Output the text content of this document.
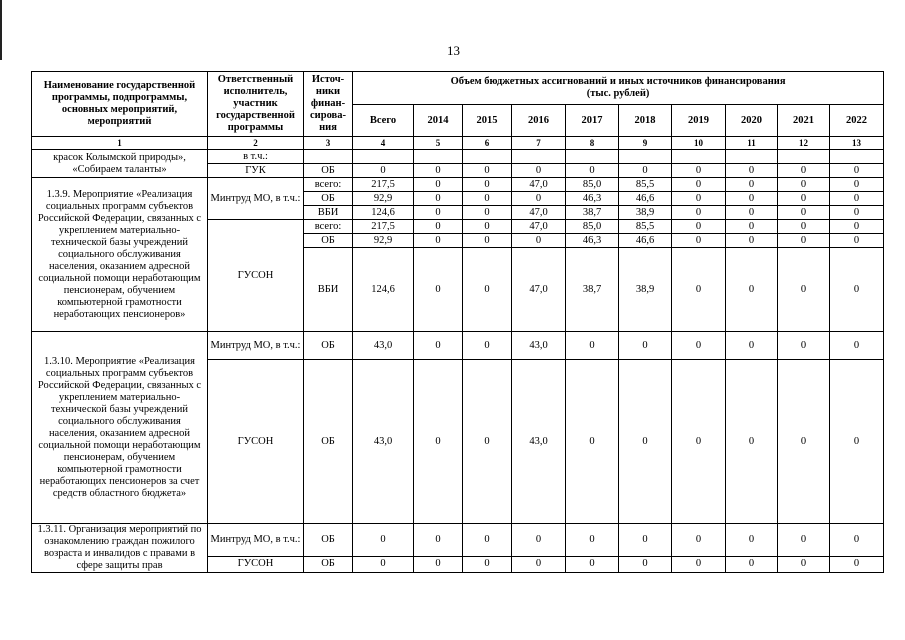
13
Наименование государственной программы, подпрограммы, основных мероприятий, мероприятий	Ответственный исполнитель, участник государственной программы	Источ- ники финан- сирова- ния	Объем бюджетных ассигнований и иных источников финансирования
(тыс. рублей)									

			Всего	2014	2015	2016	2017	2018	2019	2020	2021	2022
1	2	3	4	5	6	7	8	9	10	11	12	13
красок Колымской природы», «Собираем таланты»	в т.ч.:											
	ГУК	ОБ	0	0	0	0	0	0	0	0	0	0
1.3.9. Мероприятие «Реализация социальных программ субъектов Российской Федерации, связанных с укреплением материально-технической базы учреждений социального обслуживания населения, оказанием адресной социальной помощи неработающим пенсионерам, обучением компьютерной грамотности неработающих пенсионеров»	Минтруд МО, в т.ч.:	всего:	217,5	0	0	47,0	85,0	85,5	0	0	0	0
		ОБ	92,9	0	0	0	46,3	46,6	0	0	0	0
		ВБИ	124,6	0	0	47,0	38,7	38,9	0	0	0	0
	ГУСОН	всего:	217,5	0	0	47,0	85,0	85,5	0	0	0	0
		ОБ	92,9	0	0	0	46,3	46,6	0	0	0	0
		ВБИ	124,6	0	0	47,0	38,7	38,9	0	0	0	0
1.3.10. Мероприятие «Реализация социальных программ субъектов Российской Федерации, связанных с укреплением материально-технической базы учреждений социального обслуживания населения, оказанием адресной социальной помощи неработающим пенсионерам, обучением компьютерной грамотности неработающих пенсионеров за счет средств областного бюджета»	Минтруд МО, в т.ч.:	ОБ	43,0	0	0	43,0	0	0	0	0	0	0
	ГУСОН	ОБ	43,0	0	0	43,0	0	0	0	0	0	0
1.3.11. Организация мероприятий по ознакомлению граждан пожилого возраста и инвалидов с правами в сфере защиты прав	Минтруд МО, в т.ч.:	ОБ	0	0	0	0	0	0	0	0	0	0
	ГУСОН	ОБ	0	0	0	0	0	0	0	0	0	0
